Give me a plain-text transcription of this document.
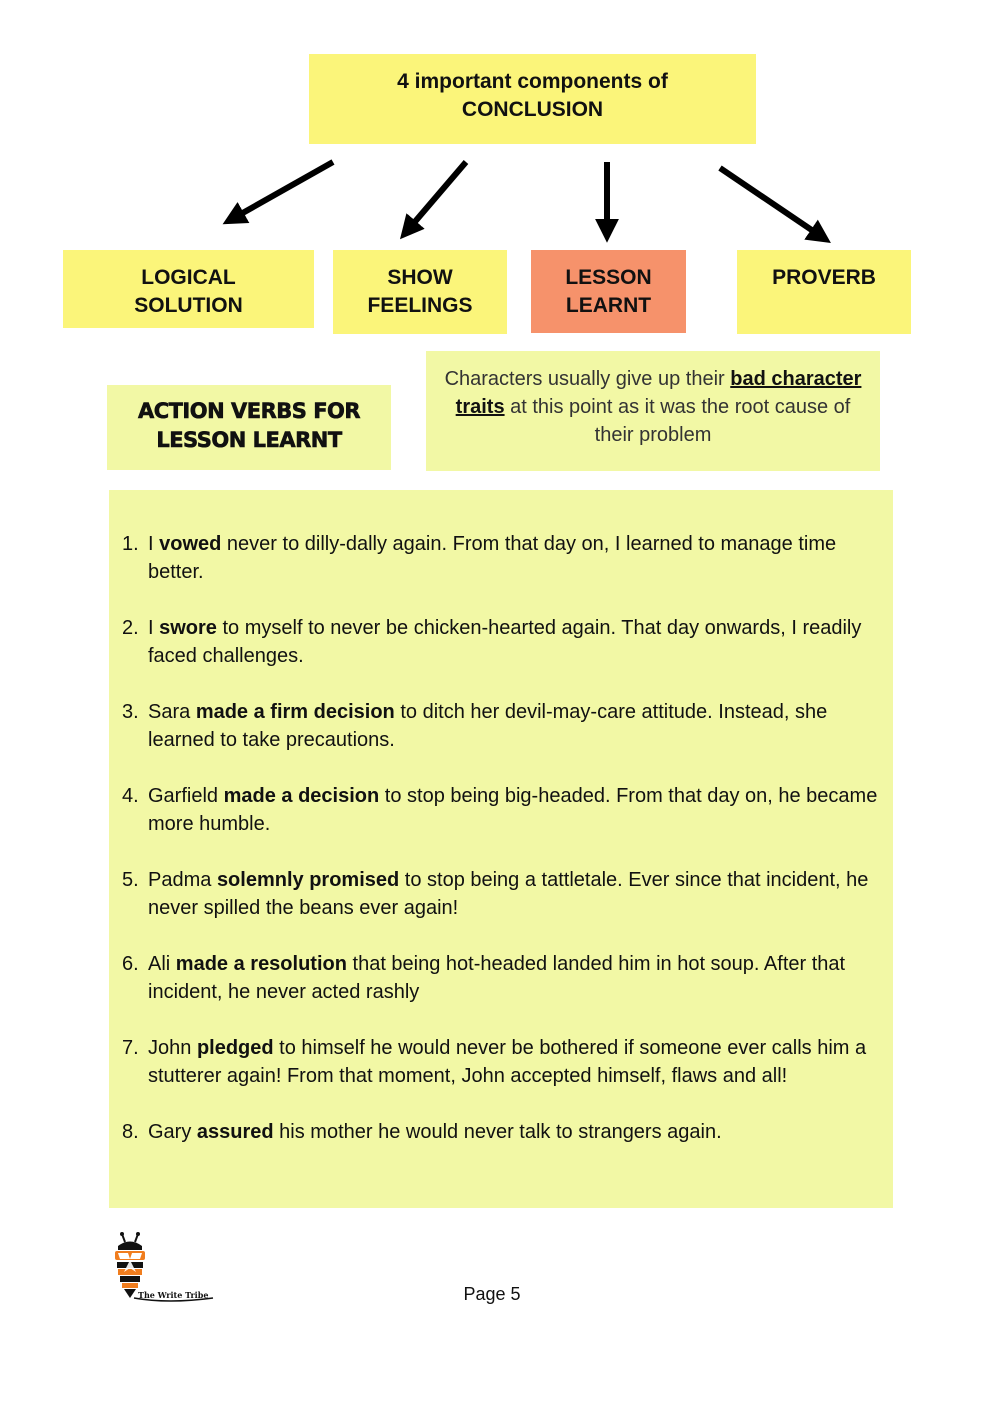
4 important components of
CONCLUSION
LOGICAL
SOLUTION
SHOW
FEELINGS
LESSON
LEARNT
PROVERB
ACTION VERBS FOR
LESSON LEARNT
Characters usually give up their bad character traits at this point as it was the root cause of their problem
1. I vowed never to dilly-dally again. From that day on, I learned to manage time better.
2. I swore to myself to never be chicken-hearted again. That day onwards, I readily faced challenges.
3. Sara made a firm decision to ditch her devil-may-care attitude. Instead, she learned to take precautions.
4. Garfield made a decision to stop being big-headed. From that day on, he became more humble.
5. Padma solemnly promised to stop being a tattletale. Ever since that incident, he never spilled the beans ever again!
6. Ali made a resolution that being hot-headed landed him in hot soup. After that incident, he never acted rashly
7. John pledged to himself he would never be bothered if someone ever calls him a stutterer again! From that moment, John accepted himself, flaws and all!
8. Gary assured his mother he would never talk to strangers again.
The Write Tribe	Page 5
